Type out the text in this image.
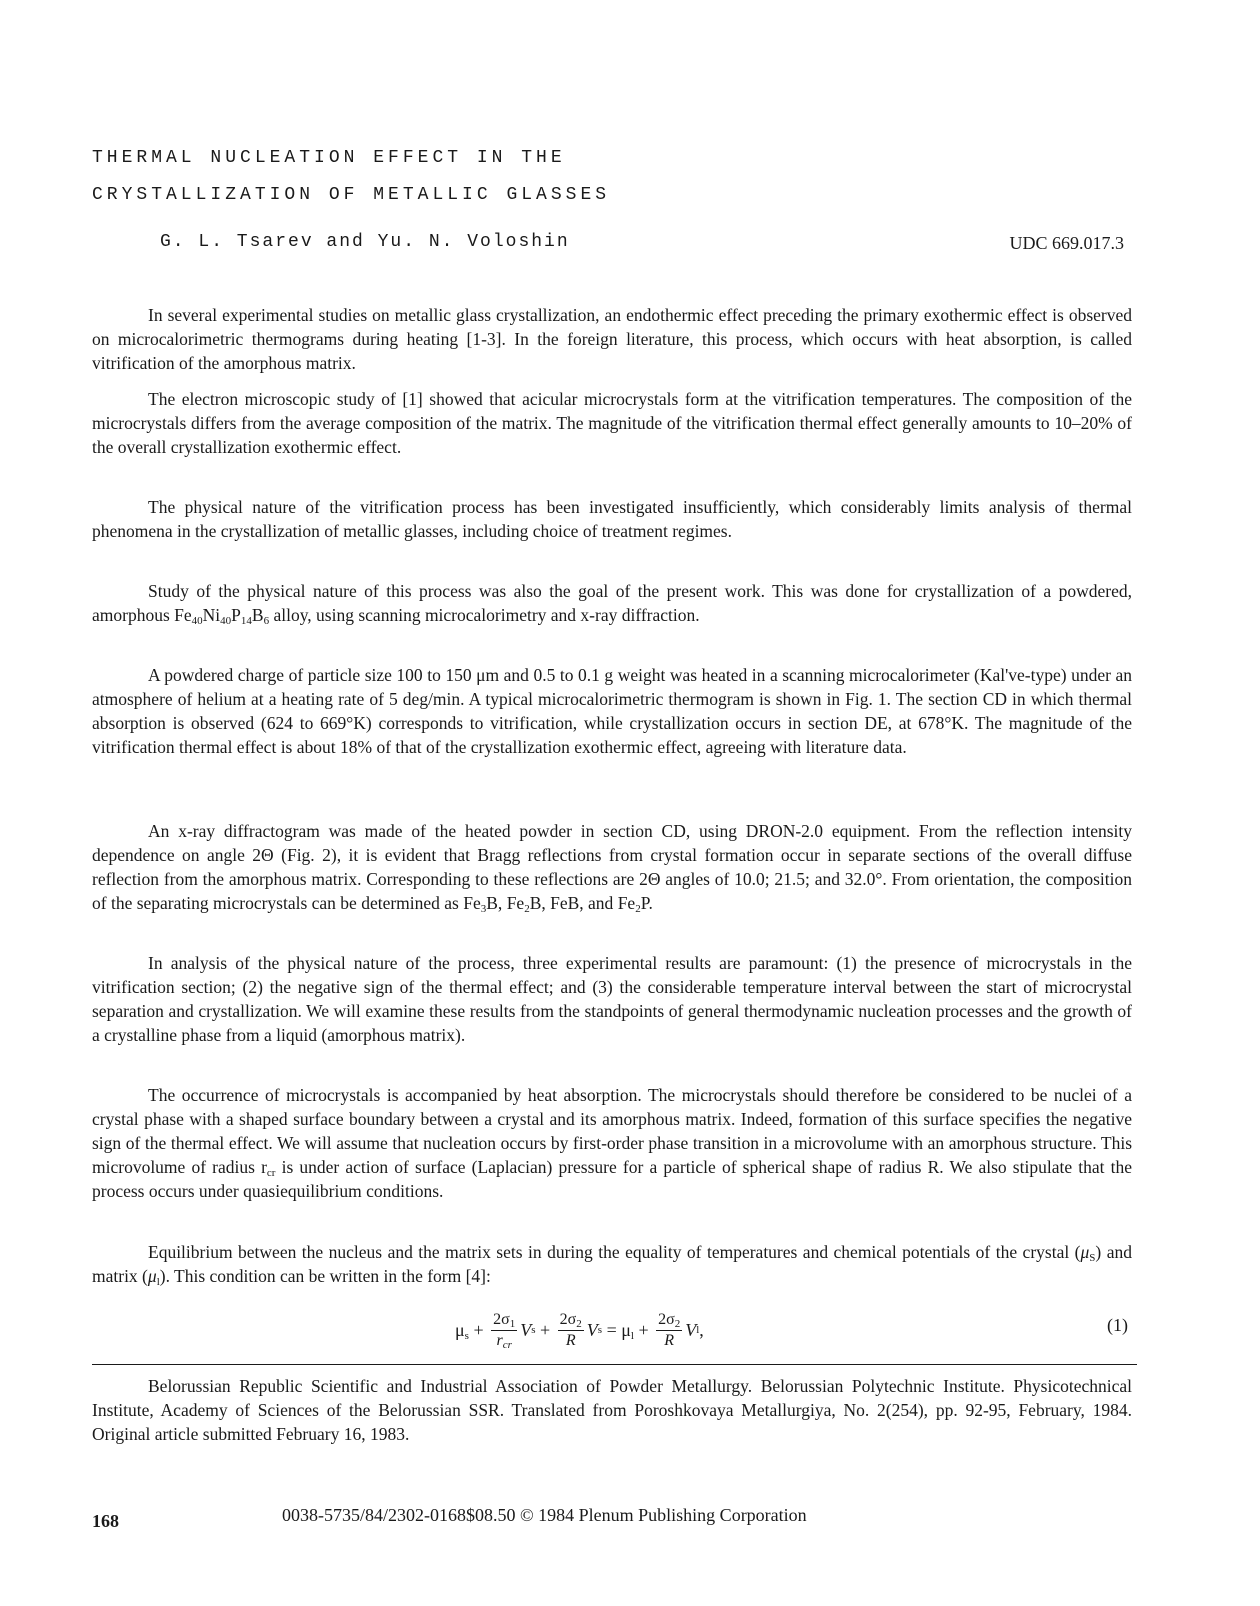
THERMAL NUCLEATION EFFECT IN THE
CRYSTALLIZATION OF METALLIC GLASSES
G. L. Tsarev and Yu. N. Voloshin	UDC 669.017.3

In several experimental studies on metallic glass crystallization, an endothermic effect preceding the primary exothermic effect is observed on microcalorimetric thermograms during heating [1-3]. In the foreign literature, this process, which occurs with heat absorption, is called vitrification of the amorphous matrix.

The electron microscopic study of [1] showed that acicular microcrystals form at the vitrification temperatures. The composition of the microcrystals differs from the average composition of the matrix. The magnitude of the vitrification thermal effect generally amounts to 10–20% of the overall crystallization exothermic effect.

The physical nature of the vitrification process has been investigated insufficiently, which considerably limits analysis of thermal phenomena in the crystallization of metallic glasses, including choice of treatment regimes.

Study of the physical nature of this process was also the goal of the present work. This was done for crystallization of a powdered, amorphous $Fe_{40}Ni_{40}P_{14}B_6$ alloy, using scanning microcalorimetry and x-ray diffraction.

A powdered charge of particle size 100 to 150 μm and 0.5 to 0.1 g weight was heated in a scanning microcalorimeter (Kal've-type) under an atmosphere of helium at a heating rate of 5 deg/min. A typical microcalorimetric thermogram is shown in Fig. 1. The section CD in which thermal absorption is observed (624 to 669°K) corresponds to vitrification, while crystallization occurs in section DE, at 678°K. The magnitude of the vitrification thermal effect is about 18% of that of the crystallization exothermic effect, agreeing with literature data.

An x-ray diffractogram was made of the heated powder in section CD, using DRON-2.0 equipment. From the reflection intensity dependence on angle 2Θ (Fig. 2), it is evident that Bragg reflections from crystal formation occur in separate sections of the overall diffuse reflection from the amorphous matrix. Corresponding to these reflections are 2Θ angles of 10.0; 21.5; and 32.0°. From orientation, the composition of the separating microcrystals can be determined as $Fe_3B$, $Fe_2B$, FeB, and $Fe_2P$.

In analysis of the physical nature of the process, three experimental results are paramount: (1) the presence of microcrystals in the vitrification section; (2) the negative sign of the thermal effect; and (3) the considerable temperature interval between the start of microcrystal separation and crystallization. We will examine these results from the standpoints of general thermodynamic nucleation processes and the growth of a crystalline phase from a liquid (amorphous matrix).

The occurrence of microcrystals is accompanied by heat absorption. The microcrystals should therefore be considered to be nuclei of a crystal phase with a shaped surface boundary between a crystal and its amorphous matrix. Indeed, formation of this surface specifies the negative sign of the thermal effect. We will assume that nucleation occurs by first-order phase transition in a microvolume with an amorphous structure. This microvolume of radius $r_{cr}$ is under action of surface (Laplacian) pressure for a particle of spherical shape of radius R. We also stipulate that the process occurs under quasiequilibrium conditions.

Equilibrium between the nucleus and the matrix sets in during the equality of temperatures and chemical potentials of the crystal $(\mu_S)$ and matrix $(\mu_l)$. This condition can be written in the form [4]:

$\mu_s$
+
$\frac{2\sigma_1}{r_{cr}}$ V s
+
$\frac{2\sigma_2}{R}$ V s
=
$\mu_l$
+
$\frac{2\sigma_2}{R}$ V l ,	(1)

Belorussian Republic Scientific and Industrial Association of Powder Metallurgy. Belorussian Polytechnic Institute. Physicotechnical Institute, Academy of Sciences of the Belorussian SSR. Translated from Poroshkovaya Metallurgiya, No. 2(254), pp. 92-95, February, 1984. Original article submitted February 16, 1983.

168	0038-5735/84/2302-0168$08.50 © 1984 Plenum Publishing Corporation
